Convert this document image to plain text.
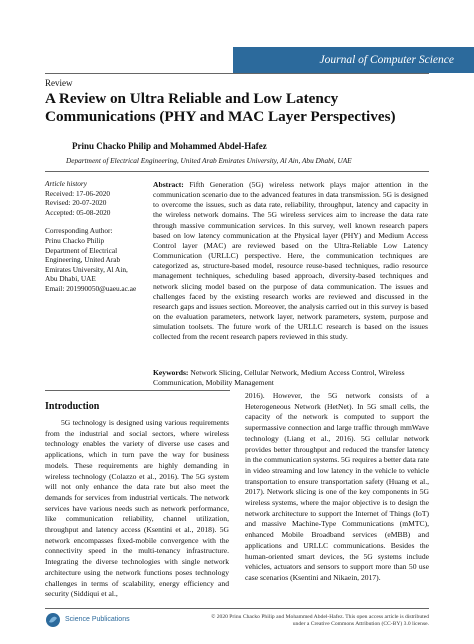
Journal of Computer Science
Review
A Review on Ultra Reliable and Low Latency Communications (PHY and MAC Layer Perspectives)
Prinu Chacko Philip and Mohammed Abdel-Hafez
Department of Electrical Engineering, United Arab Emirates University, Al Ain, Abu Dhabi, UAE

Article history

Received: 17-06-2020

Revised: 20-07-2020

Accepted: 05-08-2020

Corresponding Author:

Prinu Chacko Philip

Department of Electrical

Engineering, United Arab

Emirates University, Al Ain,

Abu Dhabi, UAE

Email: 201990050@uaeu.ac.ae

Abstract: Fifth Generation (5G) wireless network plays major attention in the communication scenario due to the advanced features in data transmission. 5G is designed to overcome the issues, such as data rate, reliability, throughput, latency and capacity in the wireless network domains. The 5G wireless services aim to increase the data rate through massive communication services. In this survey, well known research papers based on low latency communication at the Physical layer (PHY) and Medium Access Control layer (MAC) are reviewed based on the Ultra-Reliable Low Latency Communication (URLLC) perspective. Here, the communication techniques are categorized as, structure-based model, resource reuse-based techniques, radio resource management techniques, scheduling based approach, diversity-based techniques and network slicing model based on the purpose of data communication. The issues and challenges faced by the existing research works are reviewed and discussed in the research gaps and issues section. Moreover, the analysis carried out in this survey is based on the evaluation parameters, network layer, network parameters, system, purpose and simulation toolsets. The future work of the URLLC research is based on the issues collected from the recent research papers reviewed in this study.
Keywords: Network Slicing, Cellular Network, Medium Access Control, Wireless Communication, Mobility Management
Introduction

5G technology is designed using various requirements from the industrial and social sectors, where wireless technology enables the variety of diverse use cases and applications, which in turn pave the way for business models. These requirements are highly demanding in wireless technology (Colazzo et al., 2016). The 5G system will not only enhance the data rate but also meet the demands for services from industrial verticals. The network services have various needs such as network performance, like communication reliability, channel utilization, throughput and latency access (Ksentini et al., 2018). 5G network encompasses fixed-mobile convergence with the connectivity speed in the multi-tenancy infrastructure. Integrating the diverse technologies with single network architecture using the network functions poses technology challenges in terms of scalability, energy efficiency and security (Siddiqui et al.,

2016). However, the 5G network consists of a Heterogeneous Network (HetNet). In 5G small cells, the capacity of the network is computed to support the supermassive connection and large traffic through mmWave technology (Liang et al., 2016). 5G cellular network provides better throughput and reduced the transfer latency in the communication systems. 5G requires a better data rate in video streaming and low latency in the vehicle to vehicle transportation to ensure transportation safety (Huang et al., 2017). Network slicing is one of the key components in 5G wireless systems, where the major objective is to design the network architecture to support the Internet of Things (IoT) and massive Machine-Type Communications (mMTC), enhanced Mobile Broadband services (eMBB) and applications and URLLC communications. Besides the human-oriented smart devices, the 5G systems include vehicles, actuators and sensors to support more than 50 use case scenarios (Ksentini and Nikaein, 2017).

Science Publications	© 2020 Prinu Chacko Philip and Mohammed Abdel-Hafez. This open access article is distributed under a Creative Commons Attribution (CC-BY) 3.0 license.
